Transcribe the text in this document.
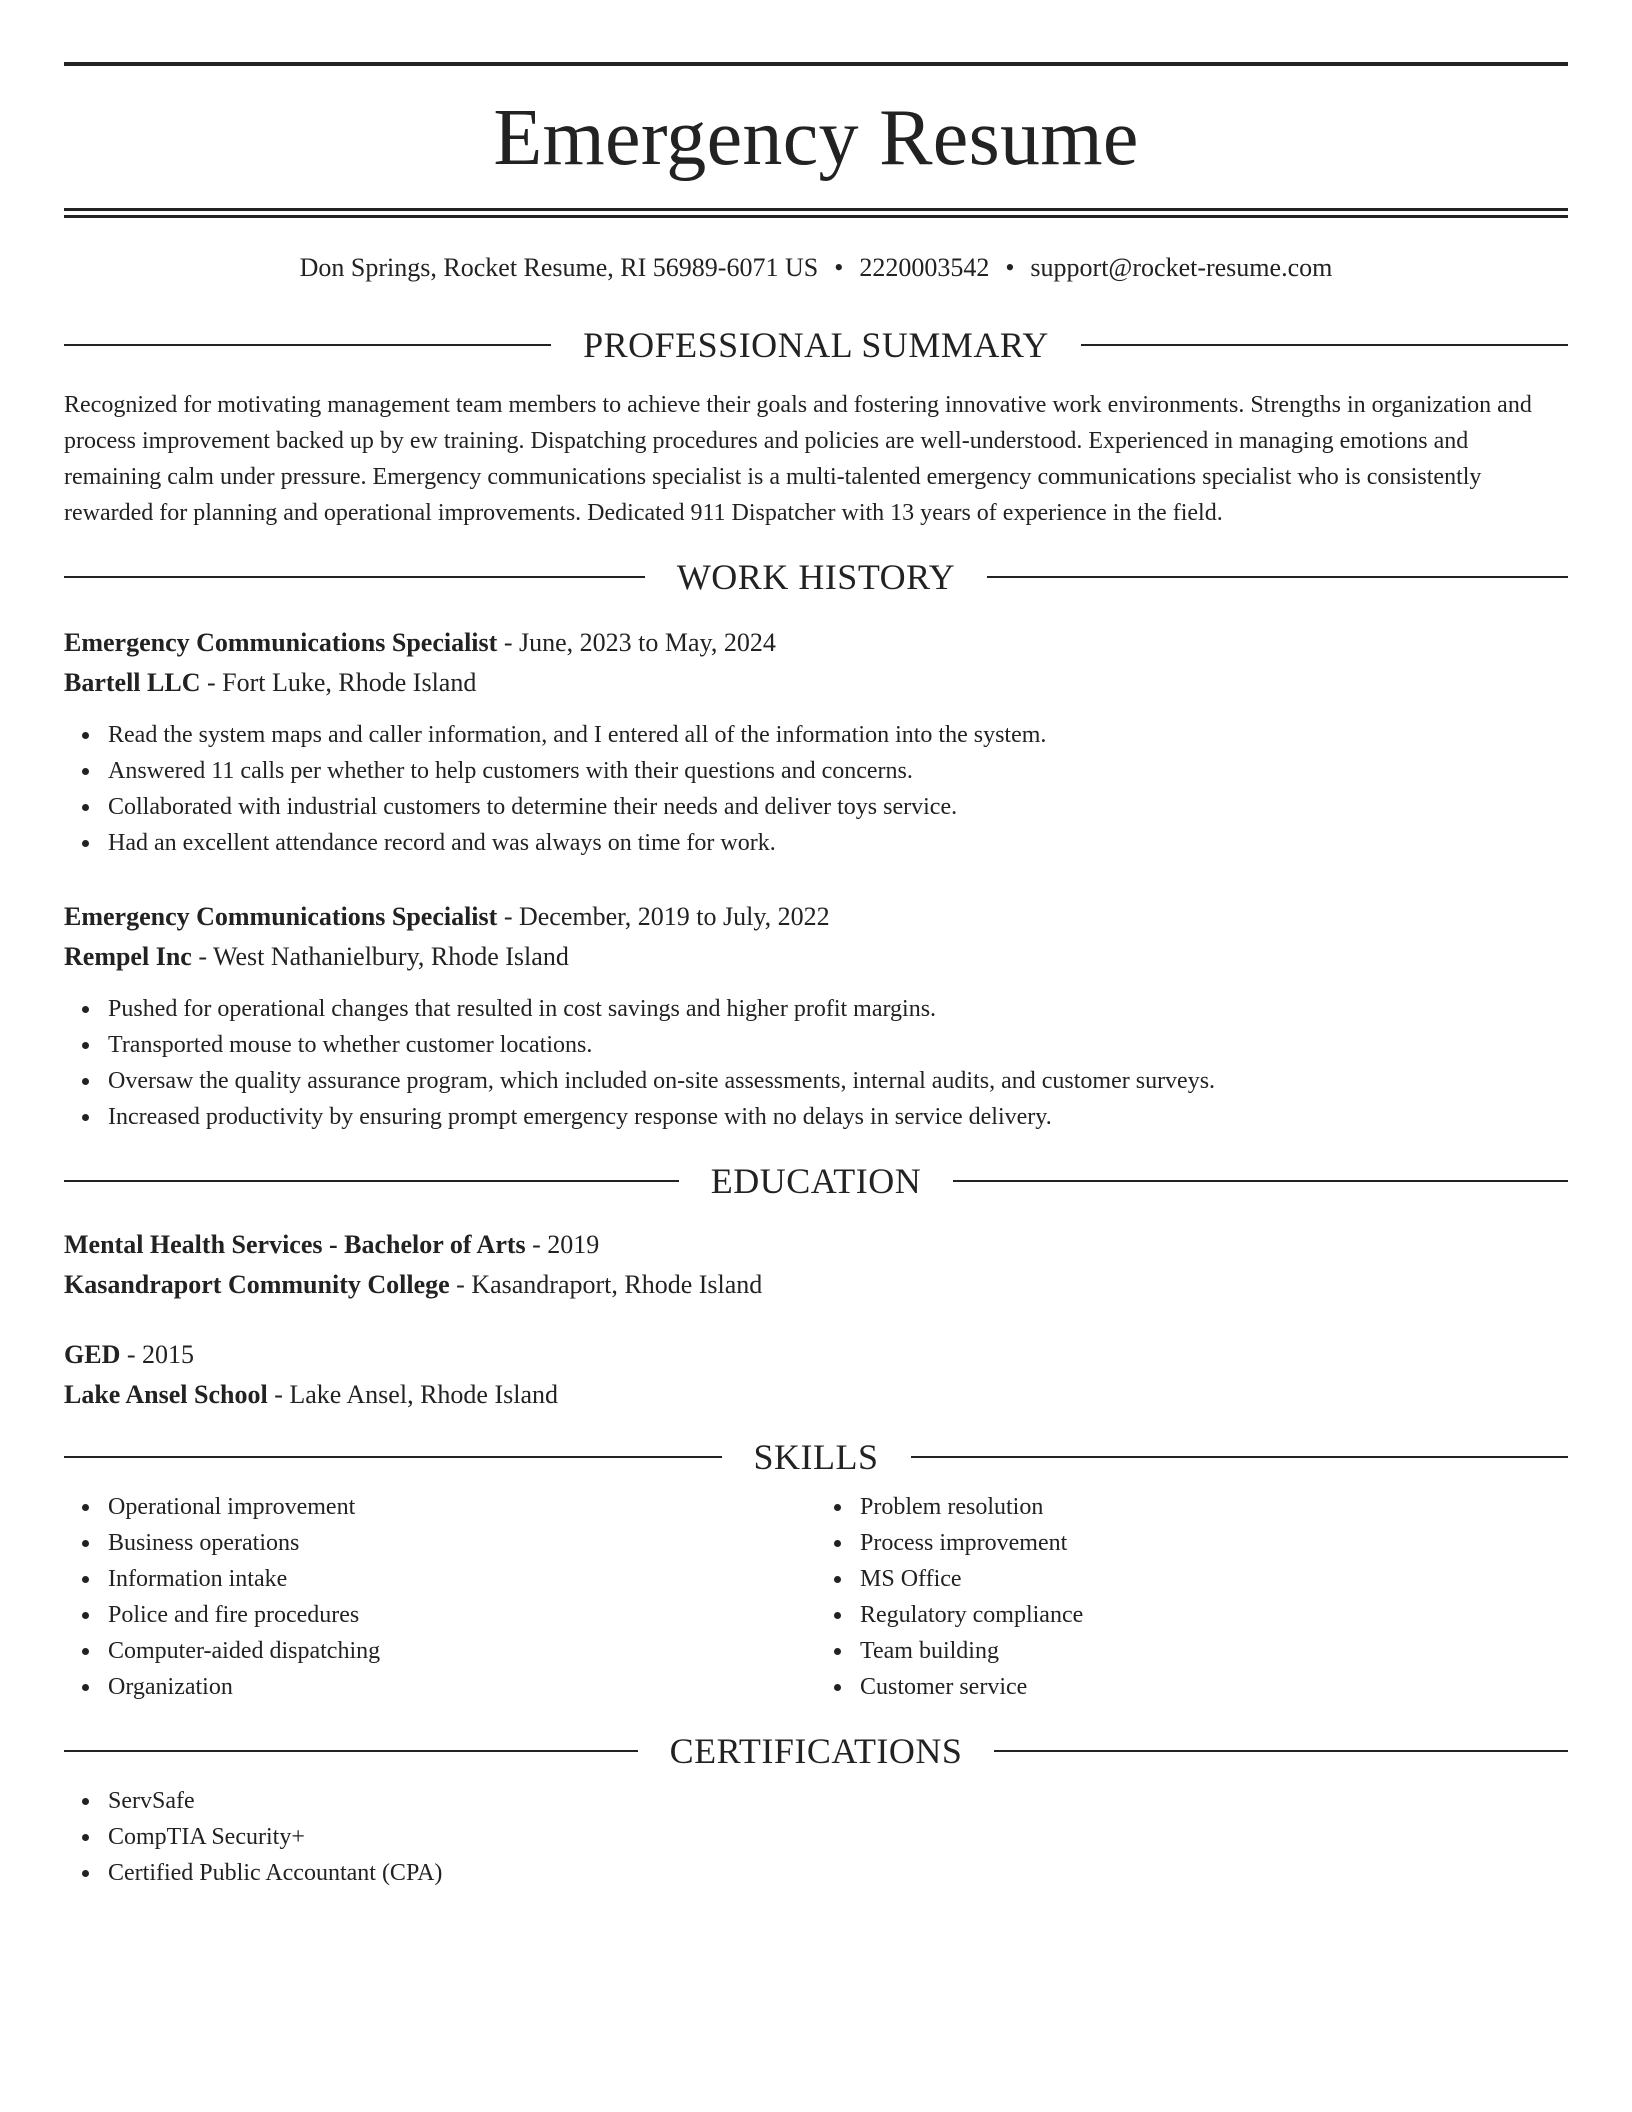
Emergency Resume
Don Springs, Rocket Resume, RI 56989-6071 US • 2220003542 • support@rocket-resume.com
PROFESSIONAL SUMMARY

Recognized for motivating management team members to achieve their goals and fostering innovative work environments. Strengths in organization and process improvement backed up by ew training. Dispatching procedures and policies are well-understood. Experienced in managing emotions and remaining calm under pressure. Emergency communications specialist is a multi-talented emergency communications specialist who is consistently rewarded for planning and operational improvements. Dedicated 911 Dispatcher with 13 years of experience in the field.

WORK HISTORY
Emergency Communications Specialist - June, 2023 to May, 2024
Bartell LLC - Fort Luke, Rhode Island
Read the system maps and caller information, and I entered all of the information into the system.
Answered 11 calls per whether to help customers with their questions and concerns.
Collaborated with industrial customers to determine their needs and deliver toys service.
Had an excellent attendance record and was always on time for work.
Emergency Communications Specialist - December, 2019 to July, 2022
Rempel Inc - West Nathanielbury, Rhode Island
Pushed for operational changes that resulted in cost savings and higher profit margins.
Transported mouse to whether customer locations.
Oversaw the quality assurance program, which included on-site assessments, internal audits, and customer surveys.
Increased productivity by ensuring prompt emergency response with no delays in service delivery.
EDUCATION
Mental Health Services - Bachelor of Arts - 2019
Kasandraport Community College - Kasandraport, Rhode Island
GED - 2015
Lake Ansel School - Lake Ansel, Rhode Island
SKILLS
Operational improvement
Business operations
Information intake
Police and fire procedures
Computer-aided dispatching
Organization
Problem resolution
Process improvement
MS Office
Regulatory compliance
Team building
Customer service
CERTIFICATIONS
ServSafe
CompTIA Security+
Certified Public Accountant (CPA)
